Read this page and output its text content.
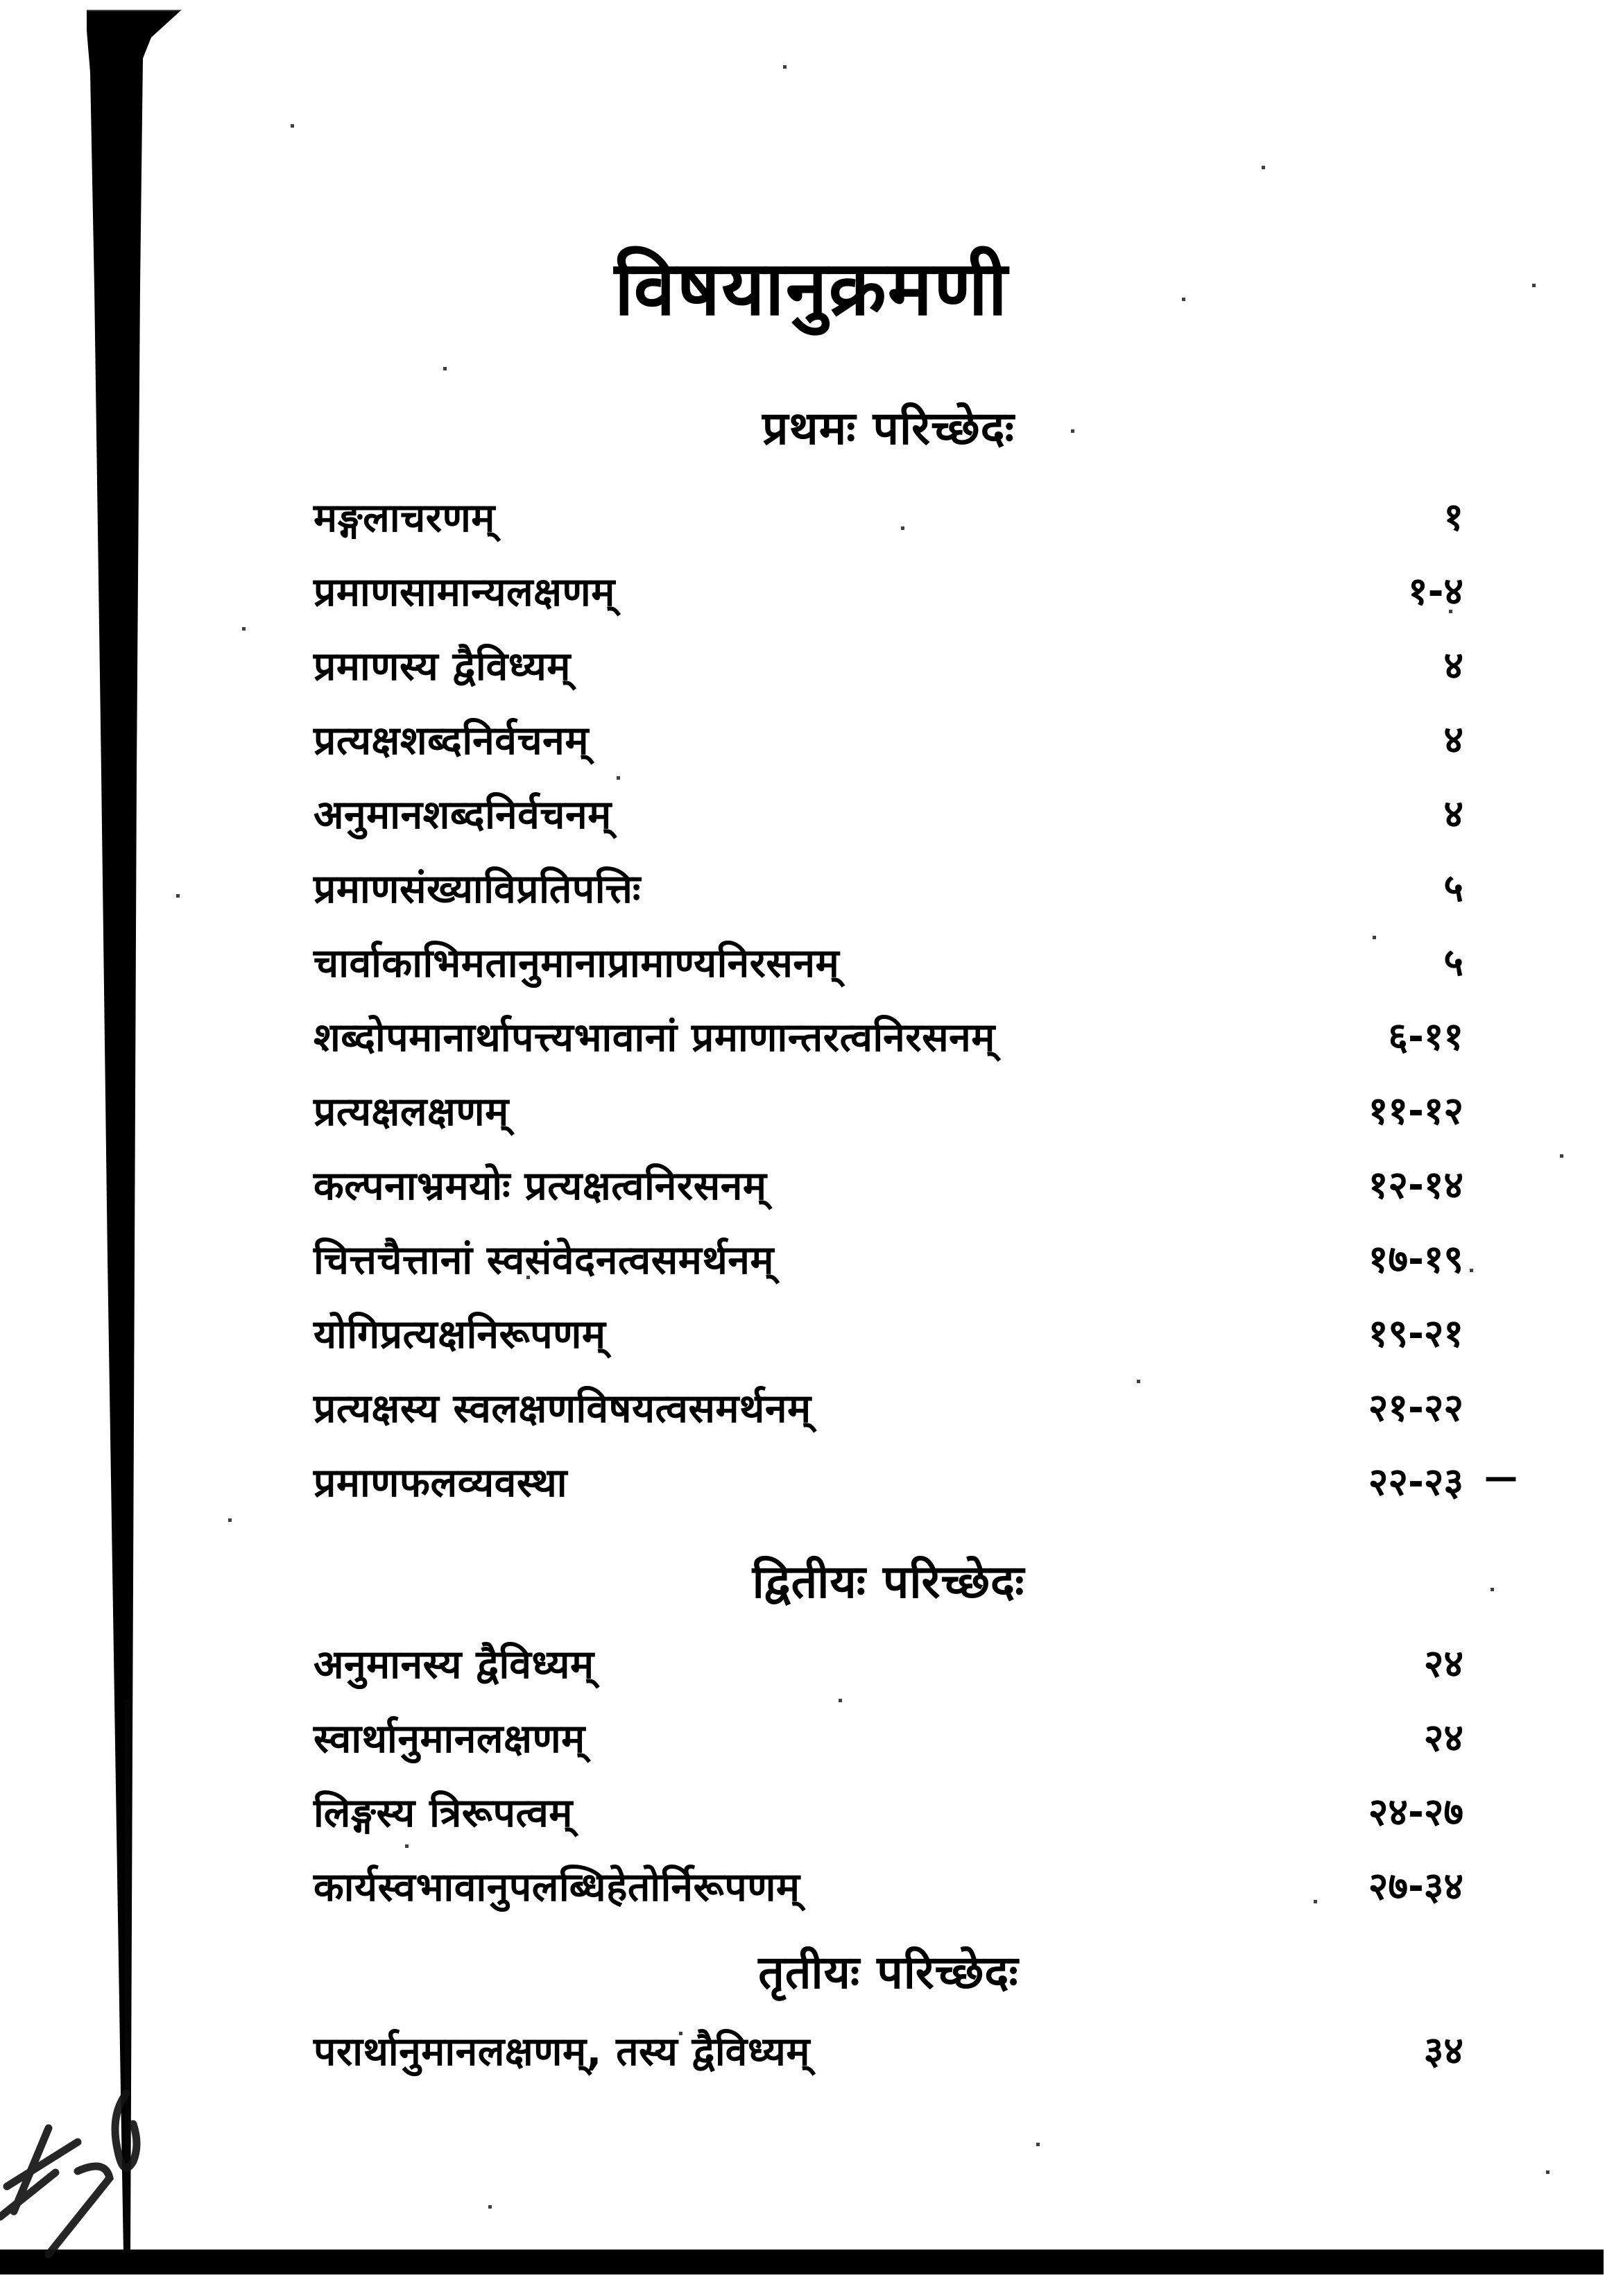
विषयानुक्रमणी
प्रथमः परिच्छेदः
मङ्गलाचरणम्	१
प्रमाणसामान्यलक्षणम्	१-४
प्रमाणस्य द्वैविध्यम्	४
प्रत्यक्षशब्दनिर्वचनम्	४
अनुमानशब्दनिर्वचनम्	४
प्रमाणसंख्याविप्रतिपत्तिः	५
चार्वाकाभिमतानुमानाप्रामाण्यनिरसनम्	५
शब्दोपमानार्थापत्त्यभावानां प्रमाणान्तरत्वनिरसनम्	६-११
प्रत्यक्षलक्षणम्	११-१२
कल्पनाभ्रमयोः प्रत्यक्षत्वनिरसनम्	१२-१४
चित्तचैत्तानां स्वसंवेदनत्वसमर्थनम्	१७-१९
योगिप्रत्यक्षनिरूपणम्	१९-२१
प्रत्यक्षस्य स्वलक्षणविषयत्वसमर्थनम्	२१-२२
प्रमाणफलव्यवस्था	२२-२३ —
द्वितीयः परिच्छेदः
अनुमानस्य द्वैविध्यम्	२४
स्वार्थानुमानलक्षणम्	२४
लिङ्गस्य त्रिरूपत्वम्	२४-२७
कार्यस्वभावानुपलब्धिहेतोर्निरूपणम्	२७-३४
तृतीयः परिच्छेदः
परार्थानुमानलक्षणम्, तस्य द्वैविध्यम्	३४
